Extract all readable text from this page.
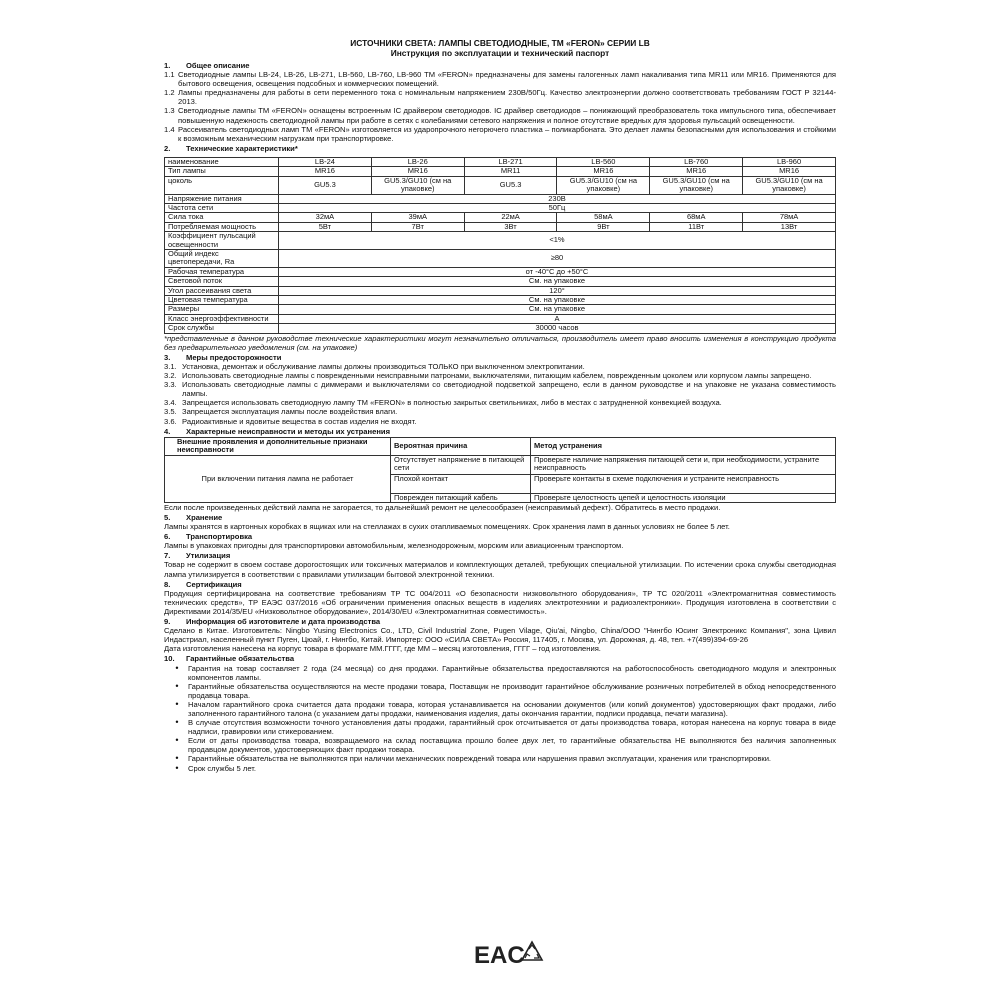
ИСТОЧНИКИ СВЕТА: ЛАМПЫ СВЕТОДИОДНЫЕ, ТМ «FERON» СЕРИИ LB
Инструкция по эксплуатации и технический паспорт
1.	Общее описание
1.1 Светодиодные лампы LB-24, LB-26, LB-271, LB-560, LB-760, LB-960 ТМ «FERON» предназначены для замены галогенных ламп накаливания типа MR11 или MR16. Применяются для бытового освещения, освещения подсобных и коммерческих помещений.
1.2 Лампы предназначены для работы в сети переменного тока с номинальным напряжением 230В/50Гц. Качество электроэнергии должно соответствовать требованиям ГОСТ Р 32144-2013.
1.3 Светодиодные лампы ТМ «FERON» оснащены встроенным IC драйвером светодиодов. IC драйвер светодиодов – понижающий преобразователь тока импульсного типа, обеспечивает повышенную надежность светодиодной лампы при работе в сетях с колебаниями сетевого напряжения и полное отсутствие вредных для здоровья пульсаций освещенности.
1.4 Рассеиватель светодиодных ламп ТМ «FERON» изготовляется из ударопрочного негорючего пластика – поликарбоната. Это делает лампы безопасными для использования и стойкими к возможным механическим нагрузкам при транспортировке.
2.	Технические характеристики*
наименование	LB-24	LB-26	LB-271	LB-560	LB-760	LB-960
Тип лампы	MR16	MR16	MR11	MR16	MR16	MR16
цоколь	GU5.3	GU5.3/GU10 (см на упаковке)	GU5.3	GU5.3/GU10 (см на упаковке)	GU5.3/GU10 (см на упаковке)	GU5.3/GU10 (см на упаковке)
Напряжение питания	230В					
Частота сети	50Гц					
Сила тока	32мА	39мА	22мА	58мА	68мА	78мА
Потребляемая мощность	5Вт	7Вт	3Вт	9Вт	11Вт	13Вт
Коэффициент пульсаций освещенности	<1%					
Общий индекс цветопередачи, Ra	≥80					
Рабочая температура	от -40°С до +50°С					
Световой поток	См. на упаковке					
Угол рассеивания света	120°					
Цветовая температура	См. на упаковке					
Размеры	См. на упаковке					
Класс энергоэффективности	А					
Срок службы	30000 часов					
*представленные в данном руководстве технические характеристики могут незначительно отличаться, производитель имеет право вносить изменения в конструкцию продукта без предварительного уведомления (см. на упаковке)
3.	Меры предосторожности
3.1. Установка, демонтаж и обслуживание лампы должны производиться ТОЛЬКО при выключенном электропитании.
3.2. Использовать светодиодные лампы с поврежденными неисправными патронами, выключателями, питающим кабелем, поврежденным цоколем или корпусом лампы запрещено.
3.3. Использовать светодиодные лампы с диммерами и выключателями со светодиодной подсветкой запрещено, если в данном руководстве и на упаковке не указана совместимость лампы.
3.4. Запрещается использовать светодиодную лампу ТМ «FERON» в полностью закрытых светильниках, либо в местах с затрудненной конвекцией воздуха.
3.5. Запрещается эксплуатация лампы после воздействия влаги.
3.6. Радиоактивные и ядовитые вещества в состав изделия не входят.
4.	Характерные неисправности и методы их устранения
Внешние проявления и дополнительные признаки неисправности	Вероятная причина	Метод устранения
При включении питания лампа не работает	Отсутствует напряжение в питающей сети	Проверьте наличие напряжения питающей сети и, при необходимости, устраните неисправность
	Плохой контакт	Проверьте контакты в схеме подключения и устраните неисправность
	Поврежден питающий кабель	Проверьте целостность цепей и целостность изоляции
Если после произведенных действий лампа не загорается, то дальнейший ремонт не целесообразен (неисправимый дефект). Обратитесь в место продажи.
5.	Хранение
Лампы хранятся в картонных коробках в ящиках или на стеллажах в сухих отапливаемых помещениях. Срок хранения ламп в данных условиях не более 5 лет.
6.	Транспортировка
Лампы в упаковках пригодны для транспортировки автомобильным, железнодорожным, морским или авиационным транспортом.
7.	Утилизация
Товар не содержит в своем составе дорогостоящих или токсичных материалов и комплектующих деталей, требующих специальной утилизации. По истечении срока службы светодиодная лампа утилизируется в соответствии с правилами утилизации бытовой электронной техники.
8.	Сертификация
Продукция сертифицирована на соответствие требованиям ТР ТС 004/2011 «О безопасности низковольтного оборудования», ТР ТС 020/2011 «Электромагнитная совместимость технических средств», ТР ЕАЭС 037/2016 «Об ограничении применения опасных веществ в изделиях электротехники и радиоэлектроники». Продукция изготовлена в соответствии с Директивами 2014/35/EU «Низковольтное оборудование», 2014/30/EU «Электромагнитная совместимость».
9.	Информация об изготовителе и дата производства
Сделано в Китае. Изготовитель: Ningbo Yusing Electronics Co., LTD, Civil Industrial Zone, Pugen Vilage, Qiu'ai, Ningbo, China/ООО "Нингбо Юсинг Электроникс Компания", зона Цивил Индастриал, населенный пункт Пуген, Цюай, г. Нингбо, Китай. Импортер: ООО «СИЛА СВЕТА» Россия, 117405, г. Москва, ул. Дорожная, д. 48, тел. +7(499)394-69-26
Дата изготовления нанесена на корпус товара в формате ММ.ГГГГ, где ММ – месяц изготовления, ГГГГ – год изготовления.
10.	Гарантийные обязательства
•	Гарантия на товар составляет 2 года (24 месяца) со дня продажи. Гарантийные обязательства предоставляются на работоспособность светодиодного модуля и электронных компонентов лампы.
•	Гарантийные обязательства осуществляются на месте продажи товара, Поставщик не производит гарантийное обслуживание розничных потребителей в обход непосредственного продавца товара.
•	Началом гарантийного срока считается дата продажи товара, которая устанавливается на основании документов (или копий документов) удостоверяющих факт продажи, либо заполненного гарантийного талона (с указанием даты продажи, наименования изделия, даты окончания гарантии, подписи продавца, печати магазина).
•	В случае отсутствия возможности точного установления даты продажи, гарантийный срок отсчитывается от даты производства товара, которая нанесена на корпус товара в виде надписи, гравировки или стикерованием.
•	Если от даты производства товара, возвращаемого на склад поставщика прошло более двух лет, то гарантийные обязательства НЕ выполняются без наличия заполненных продавцом документов, удостоверяющих факт продажи товара.
•	Гарантийные обязательства не выполняются при наличии механических повреждений товара или нарушения правил эксплуатации, хранения или транспортировки.
•	Срок службы 5 лет.
EAC
